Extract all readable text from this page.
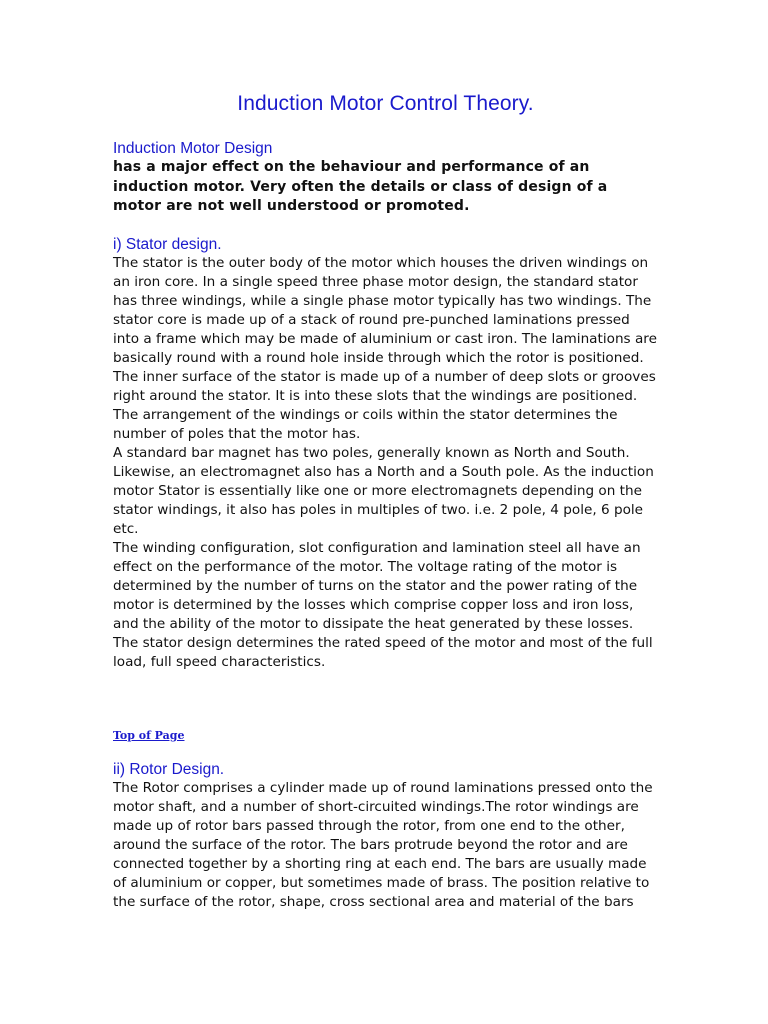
Induction Motor Control Theory.
Induction Motor Design

has a major effect on the behaviour and performance of an induction motor. Very often the details or class of design of a motor are not well understood or promoted.

i) Stator design.

The stator is the outer body of the motor which houses the driven windings on an iron core. In a single speed three phase motor design, the standard stator has three windings, while a single phase motor typically has two windings. The stator core is made up of a stack of round pre-punched laminations pressed into a frame which may be made of aluminium or cast iron. The laminations are basically round with a round hole inside through which the rotor is positioned. The inner surface of the stator is made up of a number of deep slots or grooves right around the stator. It is into these slots that the windings are positioned. The arrangement of the windings or coils within the stator determines the number of poles that the motor has.

A standard bar magnet has two poles, generally known as North and South. Likewise, an electromagnet also has a North and a South pole. As the induction motor Stator is essentially like one or more electromagnets depending on the stator windings, it also has poles in multiples of two. i.e. 2 pole, 4 pole, 6 pole etc.

The winding configuration, slot configuration and lamination steel all have an effect on the performance of the motor. The voltage rating of the motor is determined by the number of turns on the stator and the power rating of the motor is determined by the losses which comprise copper loss and iron loss, and the ability of the motor to dissipate the heat generated by these losses.

The stator design determines the rated speed of the motor and most of the full load, full speed characteristics.

Top of Page
ii) Rotor Design.

The Rotor comprises a cylinder made up of round laminations pressed onto the motor shaft, and a number of short-circuited windings.The rotor windings are made up of rotor bars passed through the rotor, from one end to the other, around the surface of the rotor. The bars protrude beyond the rotor and are connected together by a shorting ring at each end. The bars are usually made of aluminium or copper, but sometimes made of brass. The position relative to the surface of the rotor, shape, cross sectional area and material of the bars
